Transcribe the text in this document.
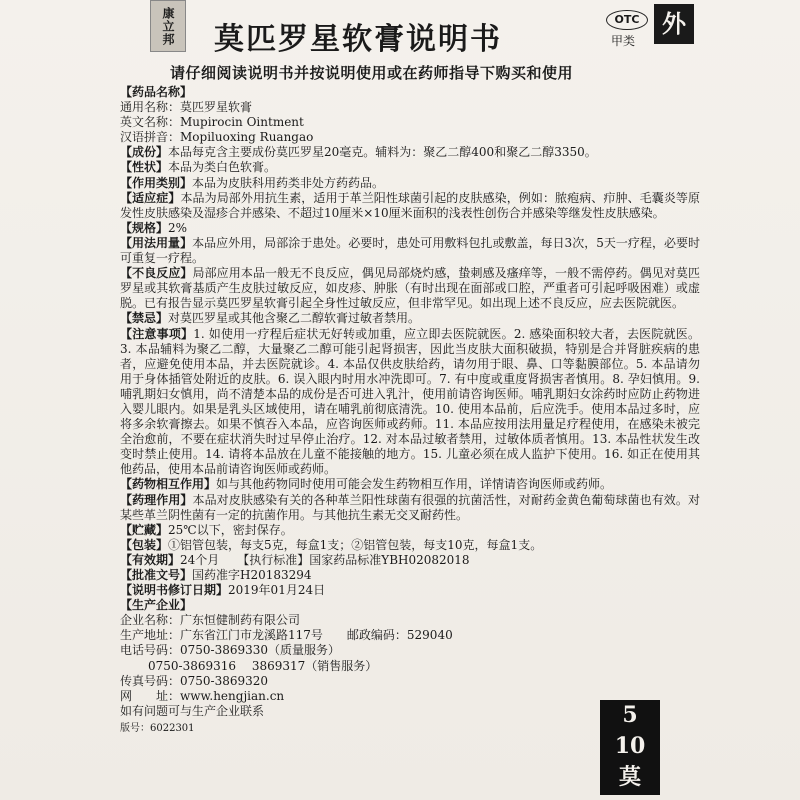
康立邦	莫匹罗星软膏说明书
OTC
甲类
外
请仔细阅读说明书并按说明使用或在药师指导下购买和使用

【药品名称】

通用名称：莫匹罗星软膏

英文名称：Mupirocin Ointment

汉语拼音：Mopiluoxing Ruangao

【成份】本品每克含主要成份莫匹罗星20毫克。辅料为：聚乙二醇400和聚乙二醇3350。

【性状】本品为类白色软膏。

【作用类别】本品为皮肤科用药类非处方药药品。

【适应症】本品为局部外用抗生素，适用于革兰阳性球菌引起的皮肤感染，例如：脓疱病、疖肿、毛囊炎等原发性皮肤感染及湿疹合并感染、不超过10厘米×10厘米面积的浅表性创伤合并感染等继发性皮肤感染。

【规格】2%

【用法用量】本品应外用，局部涂于患处。必要时，患处可用敷料包扎或敷盖，每日3次，5天一疗程，必要时可重复一疗程。

【不良反应】局部应用本品一般无不良反应，偶见局部烧灼感，蛰刺感及瘙痒等，一般不需停药。偶见对莫匹罗星或其软膏基质产生皮肤过敏反应，如皮疹、肿胀（有时出现在面部或口腔，严重者可引起呼吸困难）或虚脱。已有报告显示莫匹罗星软膏引起全身性过敏反应，但非常罕见。如出现上述不良反应，应去医院就医。

【禁忌】对莫匹罗星或其他含聚乙二醇软膏过敏者禁用。

【注意事项】1. 如使用一疗程后症状无好转或加重，应立即去医院就医。2. 感染面积较大者，去医院就医。3. 本品辅料为聚乙二醇，大量聚乙二醇可能引起肾损害，因此当皮肤大面积破损，特别是合并肾脏疾病的患者，应避免使用本品，并去医院就诊。4. 本品仅供皮肤给药，请勿用于眼、鼻、口等黏膜部位。5. 本品请勿用于身体插管处附近的皮肤。6. 误入眼内时用水冲洗即可。7. 有中度或重度肾损害者慎用。8. 孕妇慎用。9. 哺乳期妇女慎用，尚不清楚本品的成份是否可进入乳汁，使用前请咨询医师。哺乳期妇女涂药时应防止药物进入婴儿眼内。如果是乳头区域使用，请在哺乳前彻底清洗。10. 使用本品前，后应洗手。使用本品过多时，应将多余软膏擦去。如果不慎吞入本品，应咨询医师或药师。11. 本品应按用法用量足疗程使用，在感染未被完全治愈前，不要在症状消失时过早停止治疗。12. 对本品过敏者禁用，过敏体质者慎用。13. 本品性状发生改变时禁止使用。14. 请将本品放在儿童不能接触的地方。15. 儿童必须在成人监护下使用。16. 如正在使用其他药品，使用本品前请咨询医师或药师。

【药物相互作用】如与其他药物同时使用可能会发生药物相互作用，详情请咨询医师或药师。

【药理作用】本品对皮肤感染有关的各种革兰阳性球菌有很强的抗菌活性，对耐药金黄色葡萄球菌也有效。对某些革兰阴性菌有一定的抗菌作用。与其他抗生素无交叉耐药性。

【贮藏】25℃以下，密封保存。

【包装】①铝管包装，每支5克，每盒1支；②铝管包装，每支10克，每盒1支。

【有效期】24个月　　【执行标准】国家药品标准YBH02082018

【批准文号】国药准字H20183294

【说明书修订日期】2019年01月24日

【生产企业】

企业名称：广东恒健制药有限公司

生产地址：广东省江门市龙溪路117号　　邮政编码：529040

电话号码：0750-3869330（质量服务）

0750-3869316　 3869317（销售服务）

传真号码：0750-3869320

网　　址：www.hengjian.cn

如有问题可与生产企业联系

版号：6022301

5
10
莫
